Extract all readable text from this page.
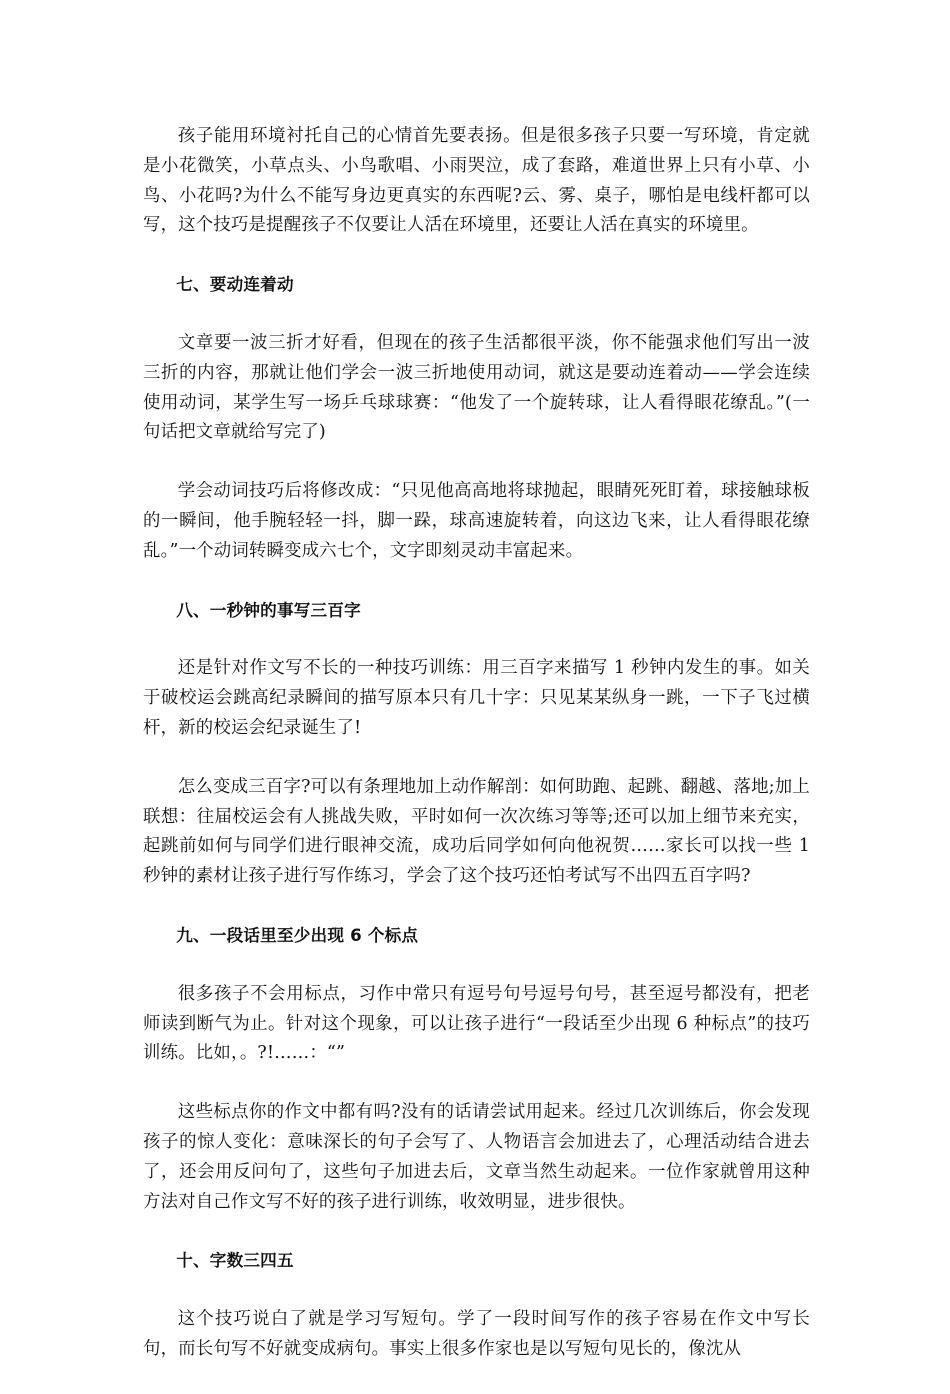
孩子能用环境衬托自己的心情首先要表扬。但是很多孩子只要一写环境，肯定就是小花微笑，小草点头、小鸟歌唱、小雨哭泣，成了套路，难道世界上只有小草、小鸟、小花吗?为什么不能写身边更真实的东西呢?云、雾、桌子，哪怕是电线杆都可以写，这个技巧是提醒孩子不仅要让人活在环境里，还要让人活在真实的环境里。

七、要动连着动

文章要一波三折才好看，但现在的孩子生活都很平淡，你不能强求他们写出一波三折的内容，那就让他们学会一波三折地使用动词，就这是要动连着动——学会连续使用动词，某学生写一场乒乓球球赛：“他发了一个旋转球，让人看得眼花缭乱。”(一句话把文章就给写完了)

学会动词技巧后将修改成：“只见他高高地将球抛起，眼睛死死盯着，球接触球板的一瞬间，他手腕轻轻一抖，脚一跺，球高速旋转着，向这边飞来，让人看得眼花缭乱。”一个动词转瞬变成六七个，文字即刻灵动丰富起来。

八、一秒钟的事写三百字

还是针对作文写不长的一种技巧训练：用三百字来描写 1 秒钟内发生的事。如关于破校运会跳高纪录瞬间的描写原本只有几十字：只见某某纵身一跳，一下子飞过横杆，新的校运会纪录诞生了!

怎么变成三百字?可以有条理地加上动作解剖：如何助跑、起跳、翻越、落地;加上联想：往届校运会有人挑战失败，平时如何一次次练习等等;还可以加上细节来充实，起跳前如何与同学们进行眼神交流，成功后同学如何向他祝贺……家长可以找一些 1 秒钟的素材让孩子进行写作练习，学会了这个技巧还怕考试写不出四五百字吗?

九、一段话里至少出现 6 个标点

很多孩子不会用标点，习作中常只有逗号句号逗号句号，甚至逗号都没有，把老师读到断气为止。针对这个现象，可以让孩子进行“一段话至少出现 6 种标点”的技巧训练。比如，。?!……：“”

这些标点你的作文中都有吗?没有的话请尝试用起来。经过几次训练后，你会发现孩子的惊人变化：意味深长的句子会写了、人物语言会加进去了，心理活动结合进去了，还会用反问句了，这些句子加进去后，文章当然生动起来。一位作家就曾用这种方法对自己作文写不好的孩子进行训练，收效明显，进步很快。

十、字数三四五

这个技巧说白了就是学习写短句。学了一段时间写作的孩子容易在作文中写长句，而长句写不好就变成病句。事实上很多作家也是以写短句见长的，像沈从
